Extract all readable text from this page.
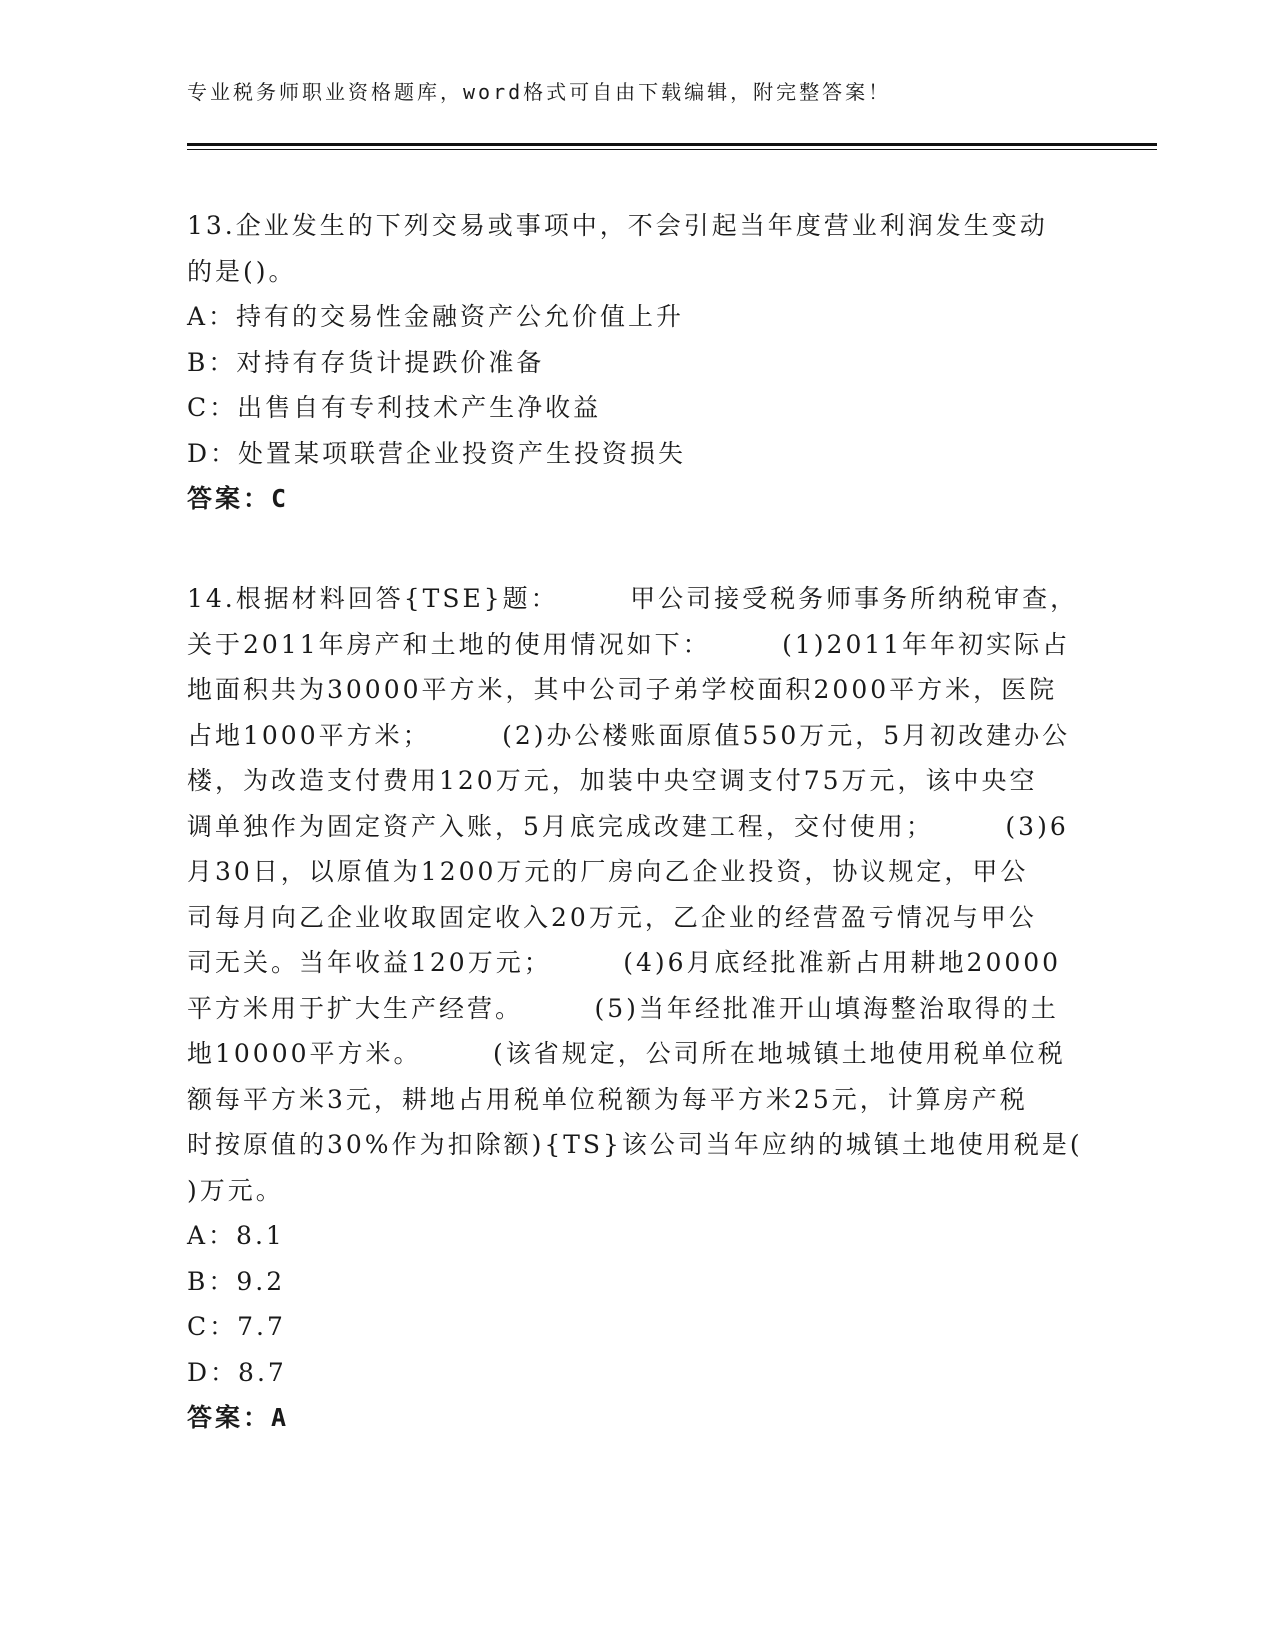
专业税务师职业资格题库，word格式可自由下载编辑，附完整答案！
13.企业发生的下列交易或事项中，不会引起当年度营业利润发生变动
的是()。
A：持有的交易性金融资产公允价值上升
B：对持有存货计提跌价准备
C：出售自有专利技术产生净收益
D：处置某项联营企业投资产生投资损失
答案：C
14.根据材料回答{TSE}题：　　　甲公司接受税务师事务所纳税审查，
关于2011年房产和土地的使用情况如下：　　　(1)2011年年初实际占
地面积共为30000平方米，其中公司子弟学校面积2000平方米，医院
占地1000平方米；　　　(2)办公楼账面原值550万元，5月初改建办公
楼，为改造支付费用120万元，加装中央空调支付75万元，该中央空
调单独作为固定资产入账，5月底完成改建工程，交付使用；　　　(3)6
月30日，以原值为1200万元的厂房向乙企业投资，协议规定，甲公
司每月向乙企业收取固定收入20万元，乙企业的经营盈亏情况与甲公
司无关。当年收益120万元；　　　(4)6月底经批准新占用耕地20000
平方米用于扩大生产经营。　　　(5)当年经批准开山填海整治取得的土
地10000平方米。　　　(该省规定，公司所在地城镇土地使用税单位税
额每平方米3元，耕地占用税单位税额为每平方米25元，计算房产税
时按原值的30%作为扣除额){TS}该公司当年应纳的城镇土地使用税是(
)万元。
A：8.1
B：9.2
C：7.7
D：8.7
答案：A
